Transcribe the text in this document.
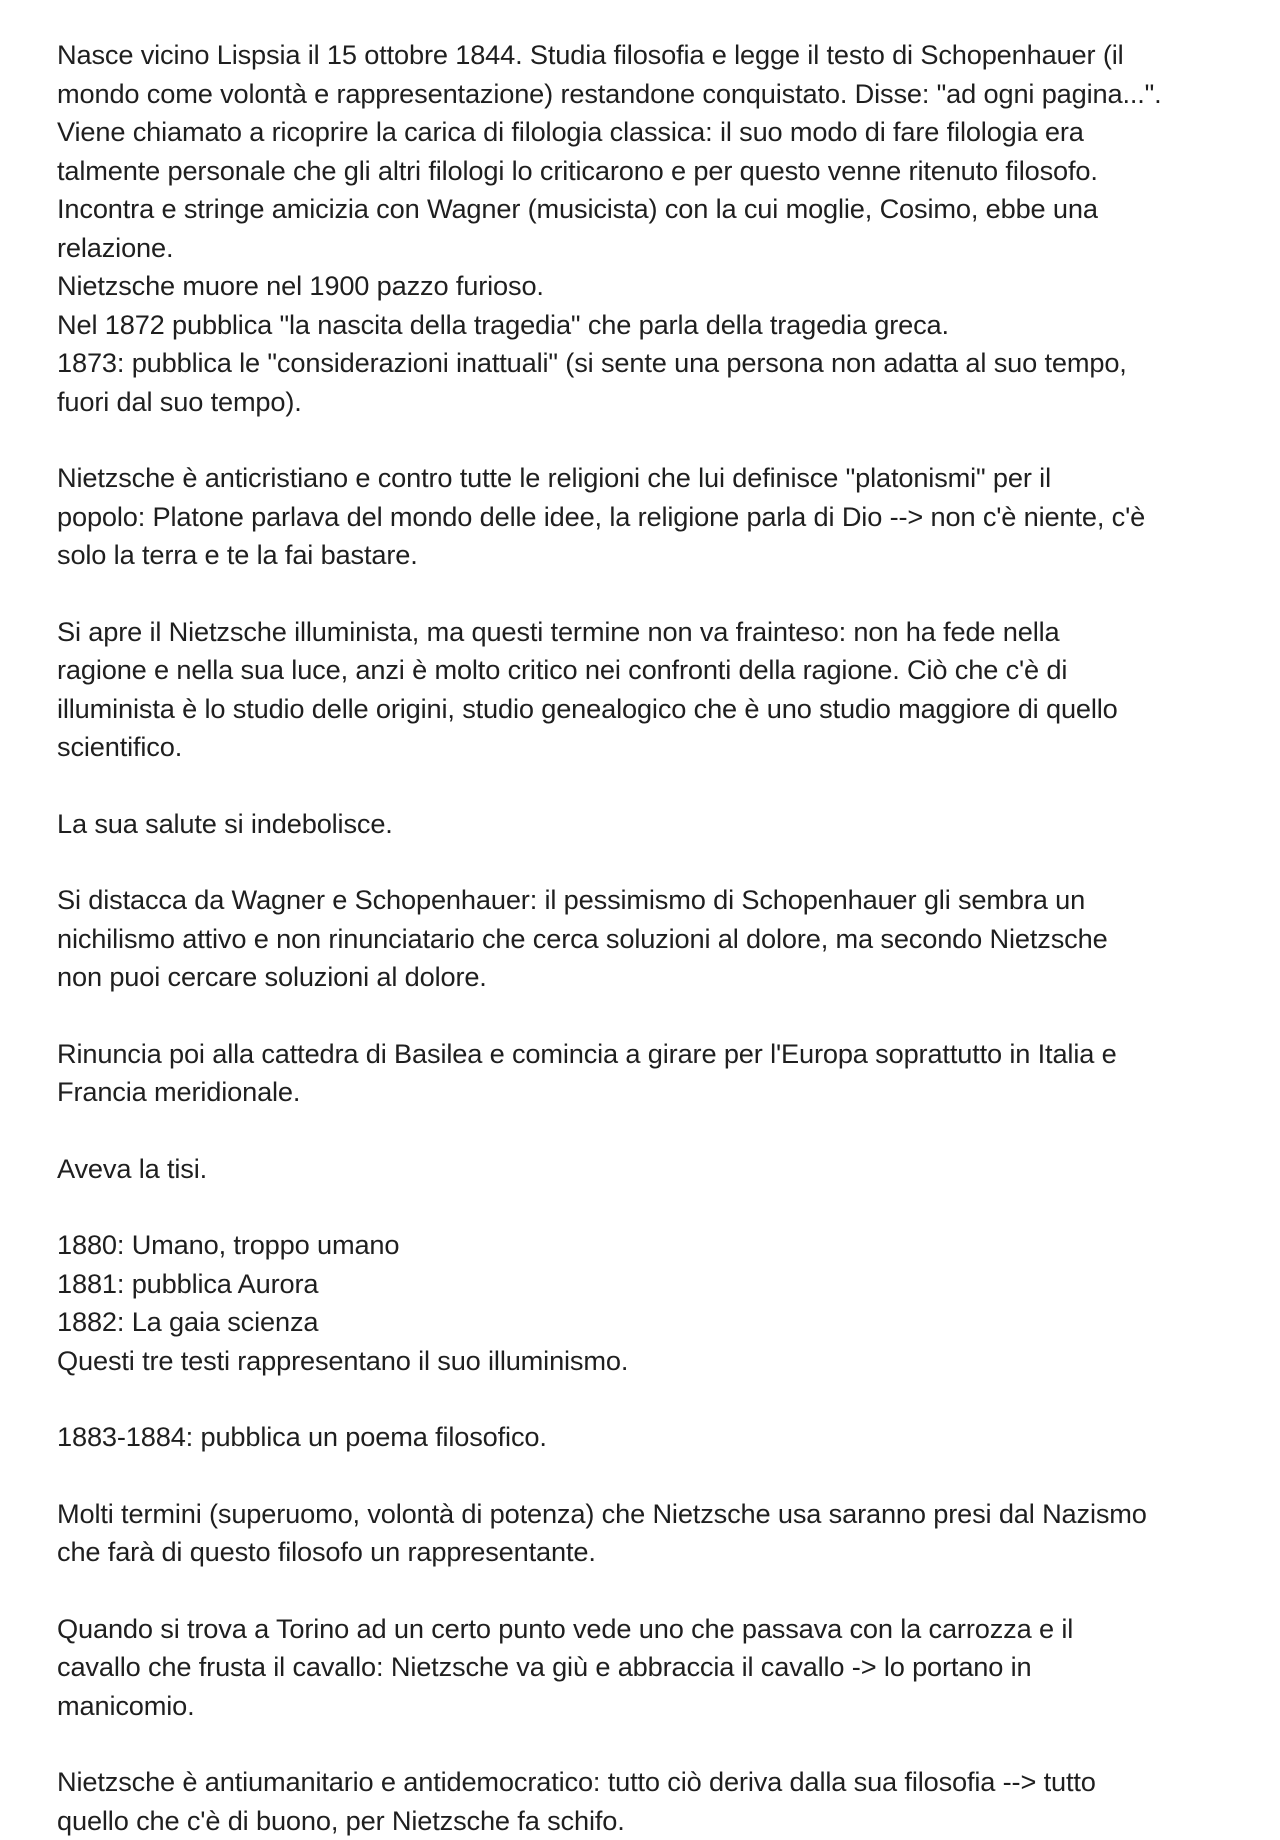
Nasce vicino Lispsia il 15 ottobre 1844. Studia filosofia e legge il testo di Schopenhauer (il
mondo come volontà e rappresentazione) restandone conquistato. Disse: "ad ogni pagina...".
Viene chiamato a ricoprire la carica di filologia classica: il suo modo di fare filologia era
talmente personale che gli altri filologi lo criticarono e per questo venne ritenuto filosofo.
Incontra e stringe amicizia con Wagner (musicista) con la cui moglie, Cosimo, ebbe una
relazione.
Nietzsche muore nel 1900 pazzo furioso.
Nel 1872 pubblica "la nascita della tragedia" che parla della tragedia greca.
1873: pubblica le "considerazioni inattuali" (si sente una persona non adatta al suo tempo,
fuori dal suo tempo).

Nietzsche è anticristiano e contro tutte le religioni che lui definisce "platonismi" per il
popolo: Platone parlava del mondo delle idee, la religione parla di Dio --> non c'è niente, c'è
solo la terra e te la fai bastare.

Si apre il Nietzsche illuminista, ma questi termine non va frainteso: non ha fede nella
ragione e nella sua luce, anzi è molto critico nei confronti della ragione. Ciò che c'è di
illuminista è lo studio delle origini, studio genealogico che è uno studio maggiore di quello
scientifico.

La sua salute si indebolisce.

Si distacca da Wagner e Schopenhauer: il pessimismo di Schopenhauer gli sembra un
nichilismo attivo e non rinunciatario che cerca soluzioni al dolore, ma secondo Nietzsche
non puoi cercare soluzioni al dolore.

Rinuncia poi alla cattedra di Basilea e comincia a girare per l'Europa soprattutto in Italia e
Francia meridionale.

Aveva la tisi.

1880: Umano, troppo umano
1881: pubblica Aurora
1882: La gaia scienza
Questi tre testi rappresentano il suo illuminismo.

1883-1884: pubblica un poema filosofico.

Molti termini (superuomo, volontà di potenza) che Nietzsche usa saranno presi dal Nazismo
che farà di questo filosofo un rappresentante.

Quando si trova a Torino ad un certo punto vede uno che passava con la carrozza e il
cavallo che frusta il cavallo: Nietzsche va giù e abbraccia il cavallo -> lo portano in
manicomio.

Nietzsche è antiumanitario e antidemocratico: tutto ciò deriva dalla sua filosofia --> tutto
quello che c'è di buono, per Nietzsche fa schifo.
